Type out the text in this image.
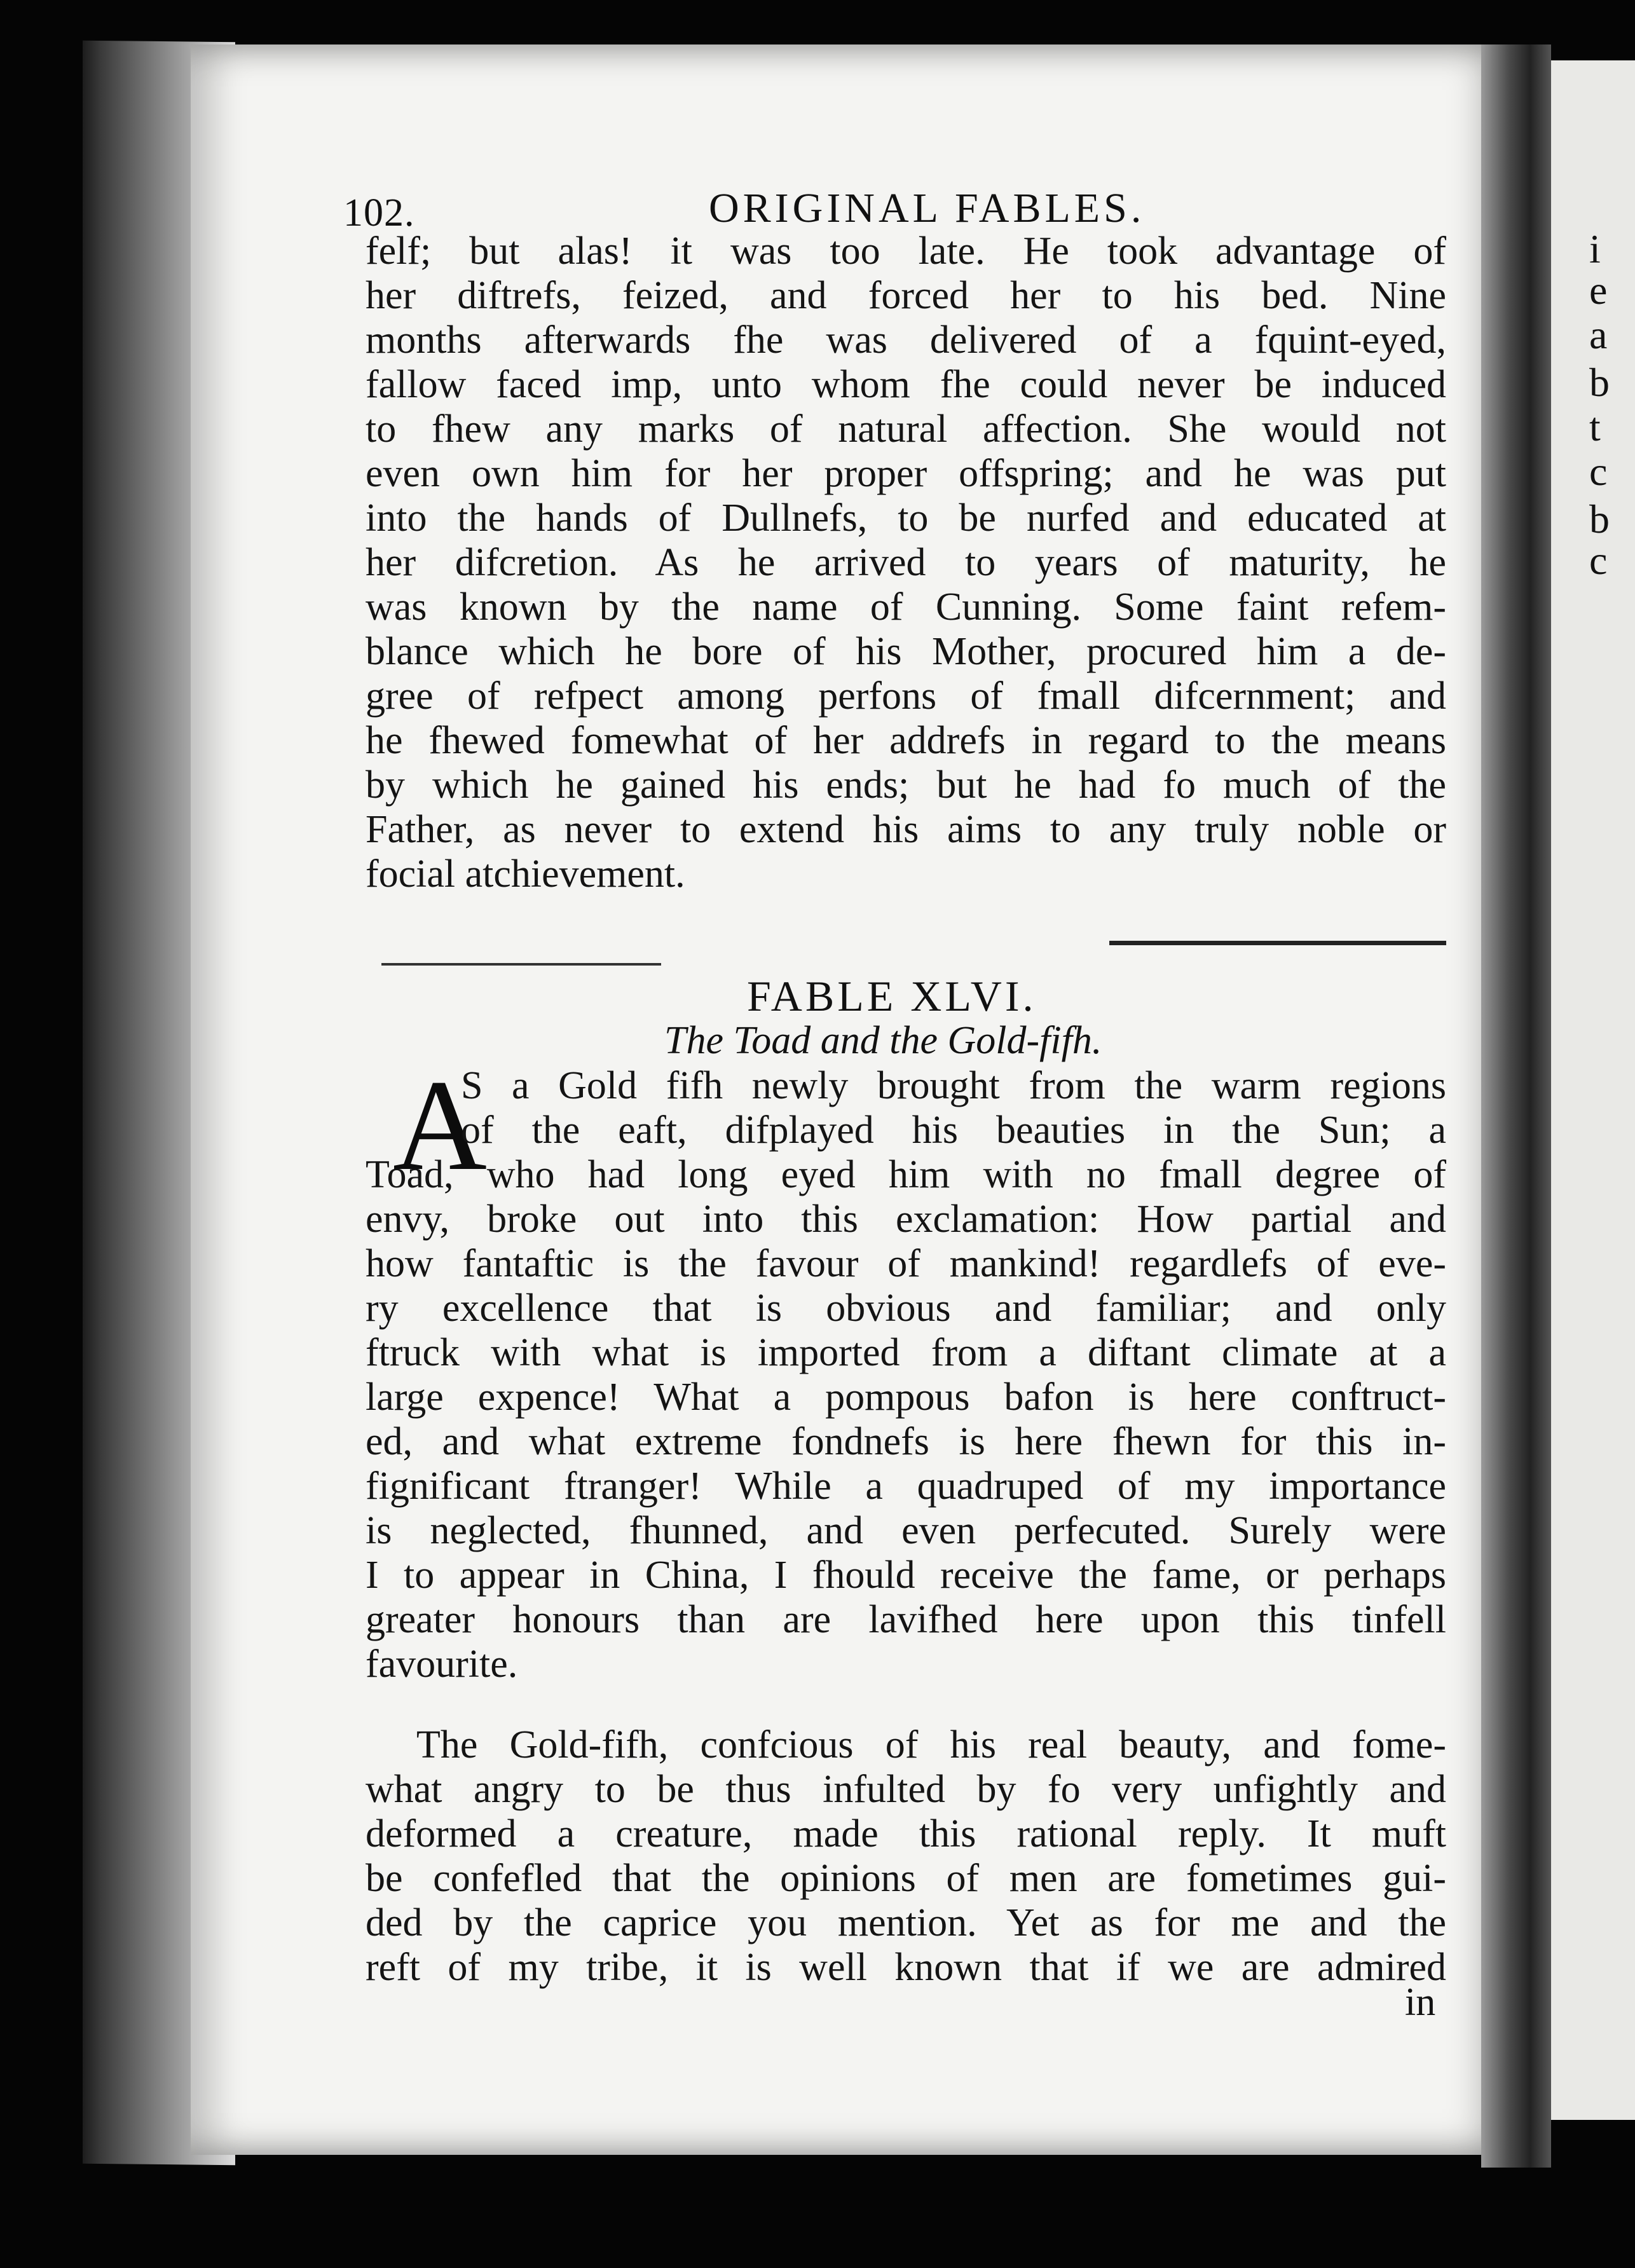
i
e
a
b
t
c
b
c
102.	ORIGINAL FABLES.
felf; but alas! it was too late. He took advantage of
her diftrefs, feized, and forced her to his bed. Nine
months afterwards fhe was delivered of a fquint-eyed,
fallow faced imp, unto whom fhe could never be induced
to fhew any marks of natural affection. She would not
even own him for her proper offspring; and he was put
into the hands of Dullnefs, to be nurfed and educated at
her difcretion. As he arrived to years of maturity, he
was known by the name of Cunning. Some faint refem-
blance which he bore of his Mother, procured him a de-
gree of refpect among perfons of fmall difcernment; and
he fhewed fomewhat of her addrefs in regard to the means
by which he gained his ends; but he had fo much of the
Father, as never to extend his aims to any truly noble or
focial atchievement.
FABLE XLVI.
The Toad and the Gold-fifh.
A
S a Gold fifh newly brought from the warm regions
of the eaft, difplayed his beauties in the Sun; a
Toad, who had long eyed him with no fmall degree of
envy, broke out into this exclamation: How partial and
how fantaftic is the favour of mankind! regardlefs of eve-
ry excellence that is obvious and familiar; and only
ftruck with what is imported from a diftant climate at a
large expence! What a pompous bafon is here conftruct-
ed, and what extreme fondnefs is here fhewn for this in-
fignificant ftranger! While a quadruped of my importance
is neglected, fhunned, and even perfecuted. Surely were
I to appear in China, I fhould receive the fame, or perhaps
greater honours than are lavifhed here upon this tinfell
favourite.
The Gold-fifh, confcious of his real beauty, and fome-
what angry to be thus infulted by fo very unfightly and
deformed a creature, made this rational reply. It muft
be confefled that the opinions of men are fometimes gui-
ded by the caprice you mention. Yet as for me and the
reft of my tribe, it is well known that if we are admired
in
